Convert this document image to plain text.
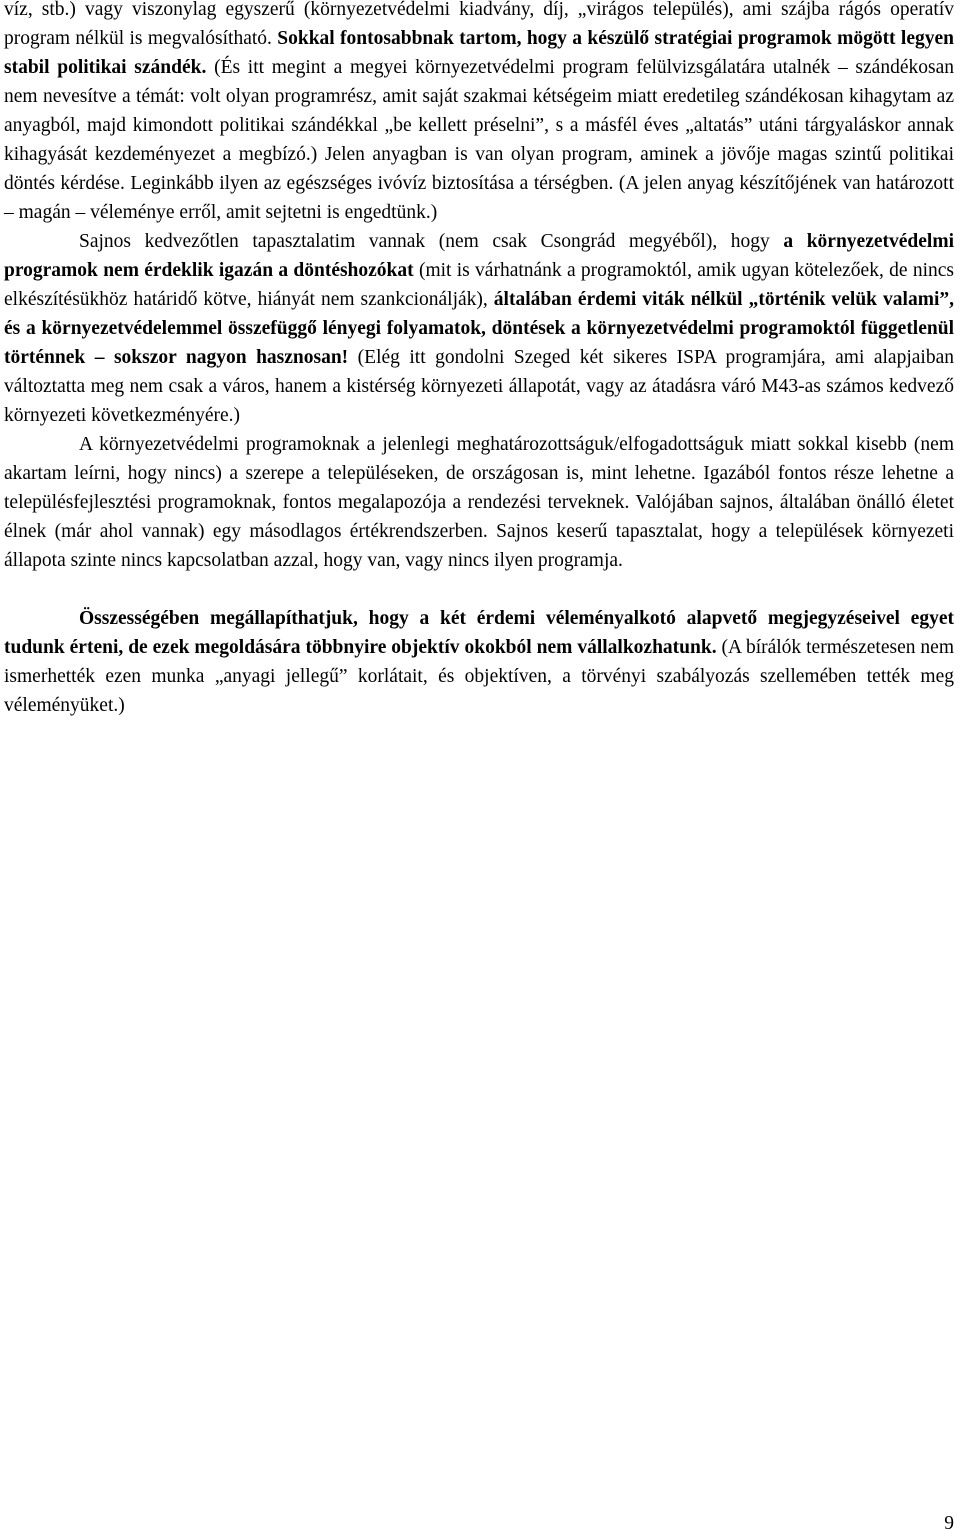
víz, stb.) vagy viszonylag egyszerű (környezetvédelmi kiadvány, díj, „virágos település), ami szájba rágós operatív program nélkül is megvalósítható. Sokkal fontosabbnak tartom, hogy a készülő stratégiai programok mögött legyen stabil politikai szándék. (És itt megint a megyei környezetvédelmi program felülvizsgálatára utalnék – szándékosan nem nevesítve a témát: volt olyan programrész, amit saját szakmai kétségeim miatt eredetileg szándékosan kihagytam az anyagból, majd kimondott politikai szándékkal „be kellett préselni”, s a másfél éves „altatás” utáni tárgyaláskor annak kihagyását kezdeményezet a megbízó.) Jelen anyagban is van olyan program, aminek a jövője magas szintű politikai döntés kérdése. Leginkább ilyen az egészséges ivóvíz biztosítása a térségben. (A jelen anyag készítőjének van határozott – magán – véleménye erről, amit sejtetni is engedtünk.)

Sajnos kedvezőtlen tapasztalatim vannak (nem csak Csongrád megyéből), hogy a környezetvédelmi programok nem érdeklik igazán a döntéshozókat (mit is várhatnánk a programoktól, amik ugyan kötelezőek, de nincs elkészítésükhöz határidő kötve, hiányát nem szankcionálják), általában érdemi viták nélkül „történik velük valami”, és a környezetvédelemmel összefüggő lényegi folyamatok, döntések a környezetvédelmi programoktól függetlenül történnek – sokszor nagyon hasznosan! (Elég itt gondolni Szeged két sikeres ISPA programjára, ami alapjaiban változtatta meg nem csak a város, hanem a kistérség környezeti állapotát, vagy az átadásra váró M43-as számos kedvező környezeti következményére.)

A környezetvédelmi programoknak a jelenlegi meghatározottságuk/elfogadottságuk miatt sokkal kisebb (nem akartam leírni, hogy nincs) a szerepe a településeken, de országosan is, mint lehetne. Igazából fontos része lehetne a településfejlesztési programoknak, fontos megalapozója a rendezési terveknek. Valójában sajnos, általában önálló életet élnek (már ahol vannak) egy másodlagos értékrendszerben. Sajnos keserű tapasztalat, hogy a települések környezeti állapota szinte nincs kapcsolatban azzal, hogy van, vagy nincs ilyen programja.

Összességében megállapíthatjuk, hogy a két érdemi véleményalkotó alapvető megjegyzéseivel egyet tudunk érteni, de ezek megoldására többnyire objektív okokból nem vállalkozhatunk. (A bírálók természetesen nem ismerhették ezen munka „anyagi jellegű” korlátait, és objektíven, a törvényi szabályozás szellemében tették meg véleményüket.)

9
